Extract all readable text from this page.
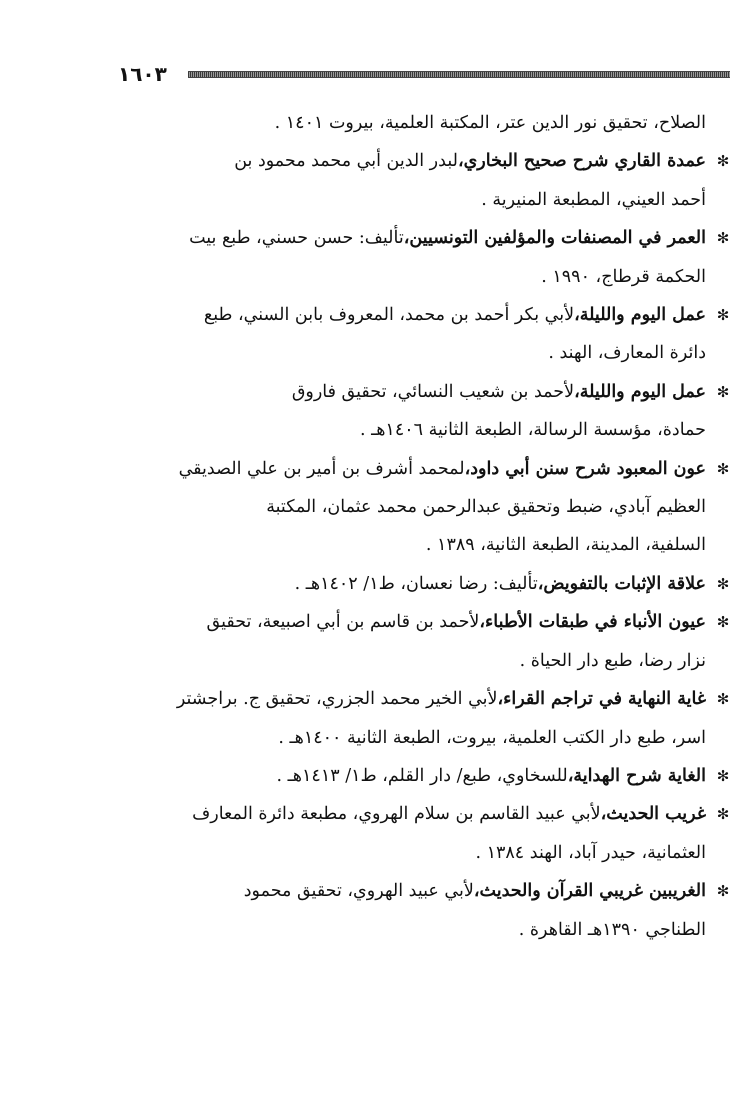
١٦٠٣
الصلاح، تحقيق نور الدين عتر، المكتبة العلمية، بيروت ١٤٠١ .
✻عمدة القاري شرح صحيح البخاري،لبدر الدين أبي محمد محمود بن
أحمد العيني، المطبعة المنيرية .
✻العمر في المصنفات والمؤلفين التونسيين،تأليف: حسن حسني، طبع بيت
الحكمة قرطاج، ١٩٩٠ .
✻عمل اليوم والليلة،لأبي بكر أحمد بن محمد، المعروف بابن السني، طبع
دائرة المعارف، الهند .
✻عمل اليوم والليلة،لأحمد بن شعيب النسائي، تحقيق فاروق
حمادة، مؤسسة الرسالة، الطبعة الثانية ١٤٠٦هـ .
✻عون المعبود شرح سنن أبي داود،لمحمد أشرف بن أمير بن علي الصديقي
العظيم آبادي، ضبط وتحقيق عبدالرحمن محمد عثمان، المكتبة
السلفية، المدينة، الطبعة الثانية، ١٣٨٩ .
✻علاقة الإثبات بالتفويض،تأليف: رضا نعسان، ط١/ ١٤٠٢هـ .
✻عيون الأنباء في طبقات الأطباء،لأحمد بن قاسم بن أبي اصبيعة، تحقيق
نزار رضا، طبع دار الحياة .
✻غاية النهاية في تراجم القراء،لأبي الخير محمد الجزري، تحقيق ج. براجشتر
اسر، طبع دار الكتب العلمية، بيروت، الطبعة الثانية ١٤٠٠هـ .
✻الغاية شرح الهداية،للسخاوي، طبع/ دار القلم، ط١/ ١٤١٣هـ .
✻غريب الحديث،لأبي عبيد القاسم بن سلام الهروي، مطبعة دائرة المعارف
العثمانية، حيدر آباد، الهند ١٣٨٤ .
✻الغريبين غريبي القرآن والحديث،لأبي عبيد الهروي، تحقيق محمود
الطناجي ١٣٩٠هـ القاهرة .
